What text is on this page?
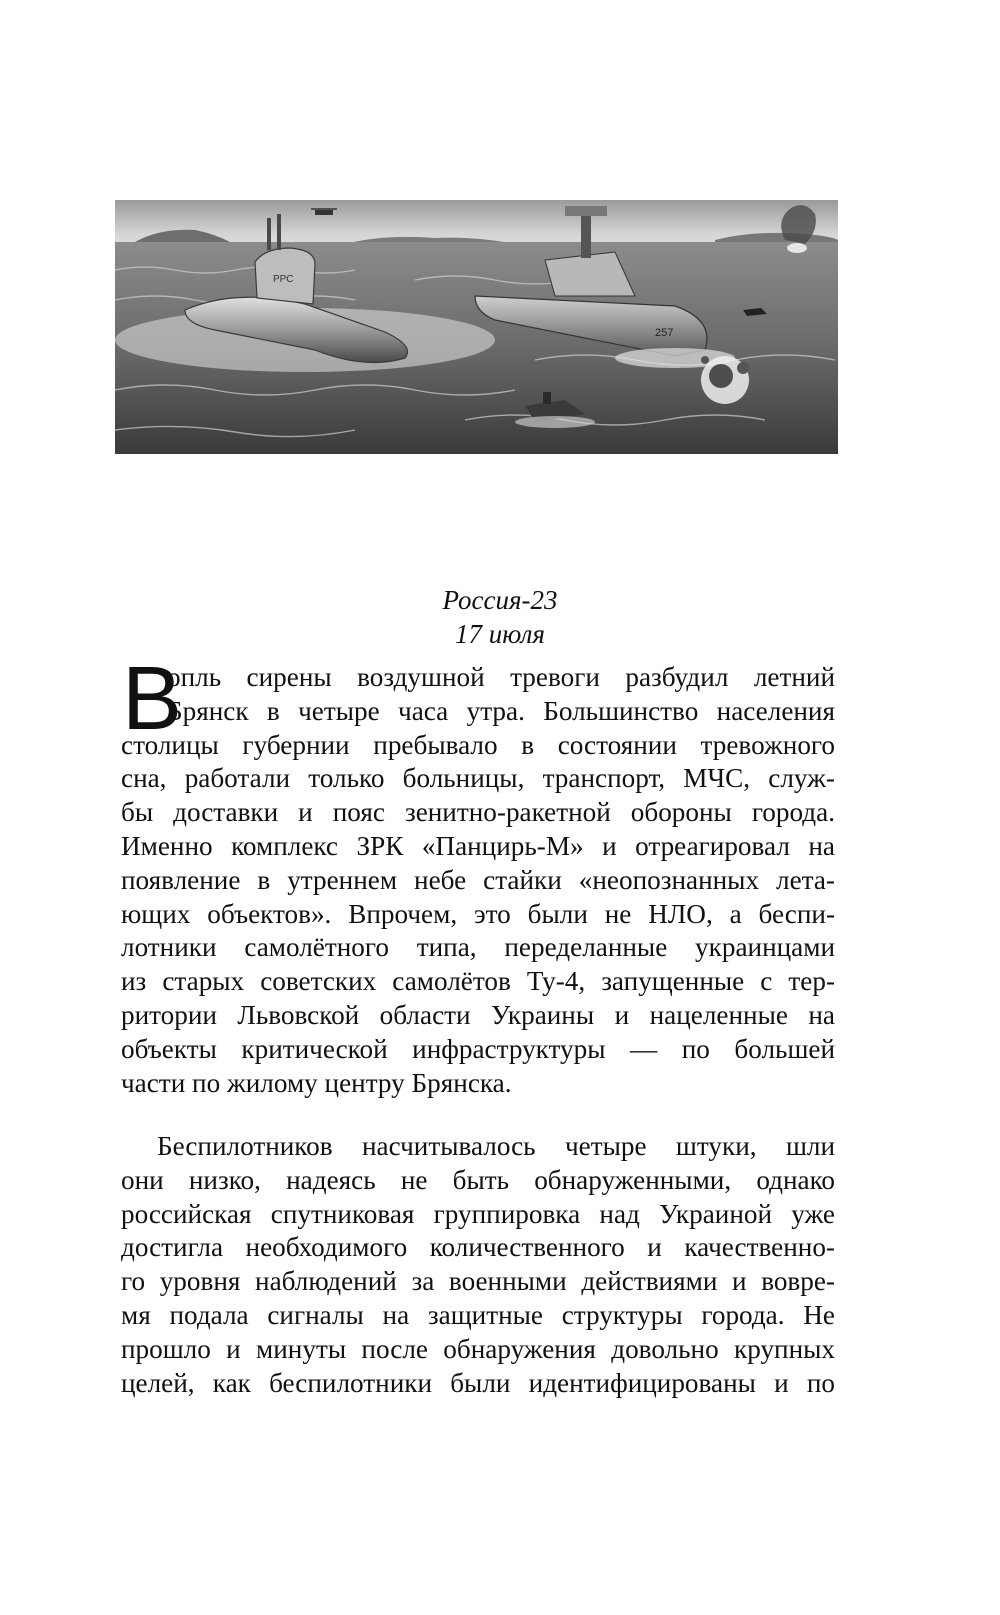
РРС
257
Россия-23
17 июля
В
опль сирены воздушной тревоги разбудил летний
Брянск в четыре часа утра. Большинство населения
столицы губернии пребывало в состоянии тревожного
сна, работали только больницы, транспорт, МЧС, служ-
бы доставки и пояс зенитно-ракетной обороны города.
Именно комплекс ЗРК «Панцирь-М» и отреагировал на
появление в утреннем небе стайки «неопознанных лета-
ющих объектов». Впрочем, это были не НЛО, а беспи-
лотники самолётного типа, переделанные украинцами
из старых советских самолётов Ту-4, запущенные с тер-
ритории Львовской области Украины и нацеленные на
объекты критической инфраструктуры — по большей
части по жилому центру Брянска.
Беспилотников насчитывалось четыре штуки, шли
они низко, надеясь не быть обнаруженными, однако
российская спутниковая группировка над Украиной уже
достигла необходимого количественного и качественно-
го уровня наблюдений за военными действиями и вовре-
мя подала сигналы на защитные структуры города. Не
прошло и минуты после обнаружения довольно крупных
целей, как беспилотники были идентифицированы и по
